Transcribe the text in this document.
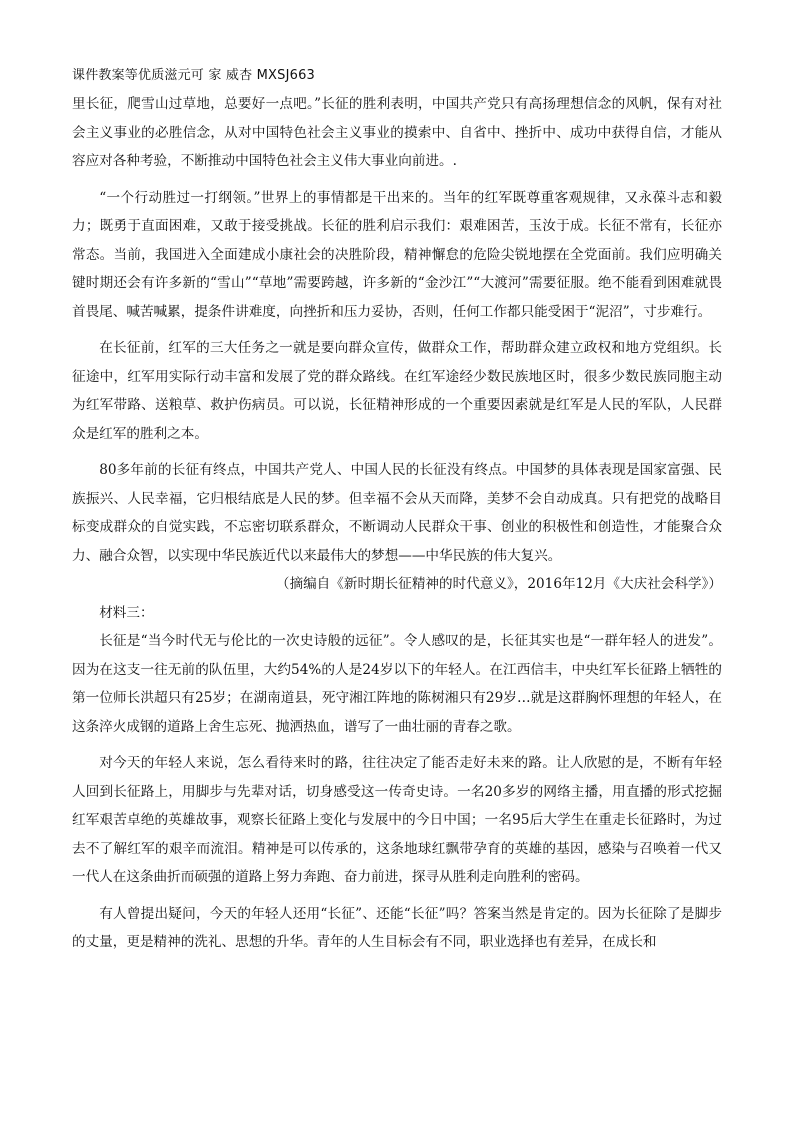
课件教案等优质滋元可 家 威杏 MXSJ663

里长征，爬雪山过草地，总要好一点吧。”长征的胜利表明，中国共产党只有高扬理想信念的风帆，保有对社会主义事业的必胜信念，从对中国特色社会主义事业的摸索中、自省中、挫折中、成功中获得自信，才能从容应对各种考验，不断推动中国特色社会主义伟大事业向前进。.

“一个行动胜过一打纲领。”世界上的事情都是干出来的。当年的红军既尊重客观规律，又永葆斗志和毅力；既勇于直面困难，又敢于接受挑战。长征的胜利启示我们：艰难困苦，玉汝于成。长征不常有，长征亦常态。当前，我国进入全面建成小康社会的决胜阶段，精神懈怠的危险尖锐地摆在全党面前。我们应明确关键时期还会有许多新的“雪山”“草地”需要跨越，许多新的“金沙江”“大渡河”需要征服。绝不能看到困难就畏首畏尾、喊苦喊累，提条件讲难度，向挫折和压力妥协，否则，任何工作都只能受困于“泥沼”，寸步难行。

在长征前，红军的三大任务之一就是要向群众宣传，做群众工作，帮助群众建立政权和地方党组织。长征途中，红军用实际行动丰富和发展了党的群众路线。在红军途经少数民族地区时，很多少数民族同胞主动为红军带路、送粮草、救护伤病员。可以说，长征精神形成的一个重要因素就是红军是人民的军队，人民群众是红军的胜利之本。

80多年前的长征有终点，中国共产党人、中国人民的长征没有终点。中国梦的具体表现是国家富强、民族振兴、人民幸福，它归根结底是人民的梦。但幸福不会从天而降，美梦不会自动成真。只有把党的战略目标变成群众的自觉实践，不忘密切联系群众，不断调动人民群众干事、创业的积极性和创造性，才能聚合众力、融合众智，以实现中华民族近代以来最伟大的梦想——中华民族的伟大复兴。

（摘编自《新时期长征精神的时代意义》，2016年12月《大庆社会科学》）

材料三：

长征是“当今时代无与伦比的一次史诗般的远征”。令人感叹的是，长征其实也是“一群年轻人的进发”。因为在这支一往无前的队伍里，大约54%的人是24岁以下的年轻人。在江西信丰，中央红军长征路上牺牲的第一位师长洪超只有25岁；在湖南道县，死守湘江阵地的陈树湘只有29岁…就是这群胸怀理想的年轻人，在这条淬火成钢的道路上舍生忘死、抛洒热血，谱写了一曲壮丽的青春之歌。

对今天的年轻人来说，怎么看待来时的路，往往决定了能否走好未来的路。让人欣慰的是，不断有年轻人回到长征路上，用脚步与先辈对话，切身感受这一传奇史诗。一名20多岁的网络主播，用直播的形式挖掘红军艰苦卓绝的英雄故事，观察长征路上变化与发展中的今日中国；一名95后大学生在重走长征路时，为过去不了解红军的艰辛而流泪。精神是可以传承的，这条地球红飘带孕育的英雄的基因，感染与召唤着一代又一代人在这条曲折而硕强的道路上努力奔跑、奋力前进，探寻从胜利走向胜利的密码。

有人曾提出疑问，今天的年轻人还用“长征”、还能“长征”吗？答案当然是肯定的。因为长征除了是脚步的丈量，更是精神的洗礼、思想的升华。青年的人生目标会有不同，职业选择也有差异，在成长和
